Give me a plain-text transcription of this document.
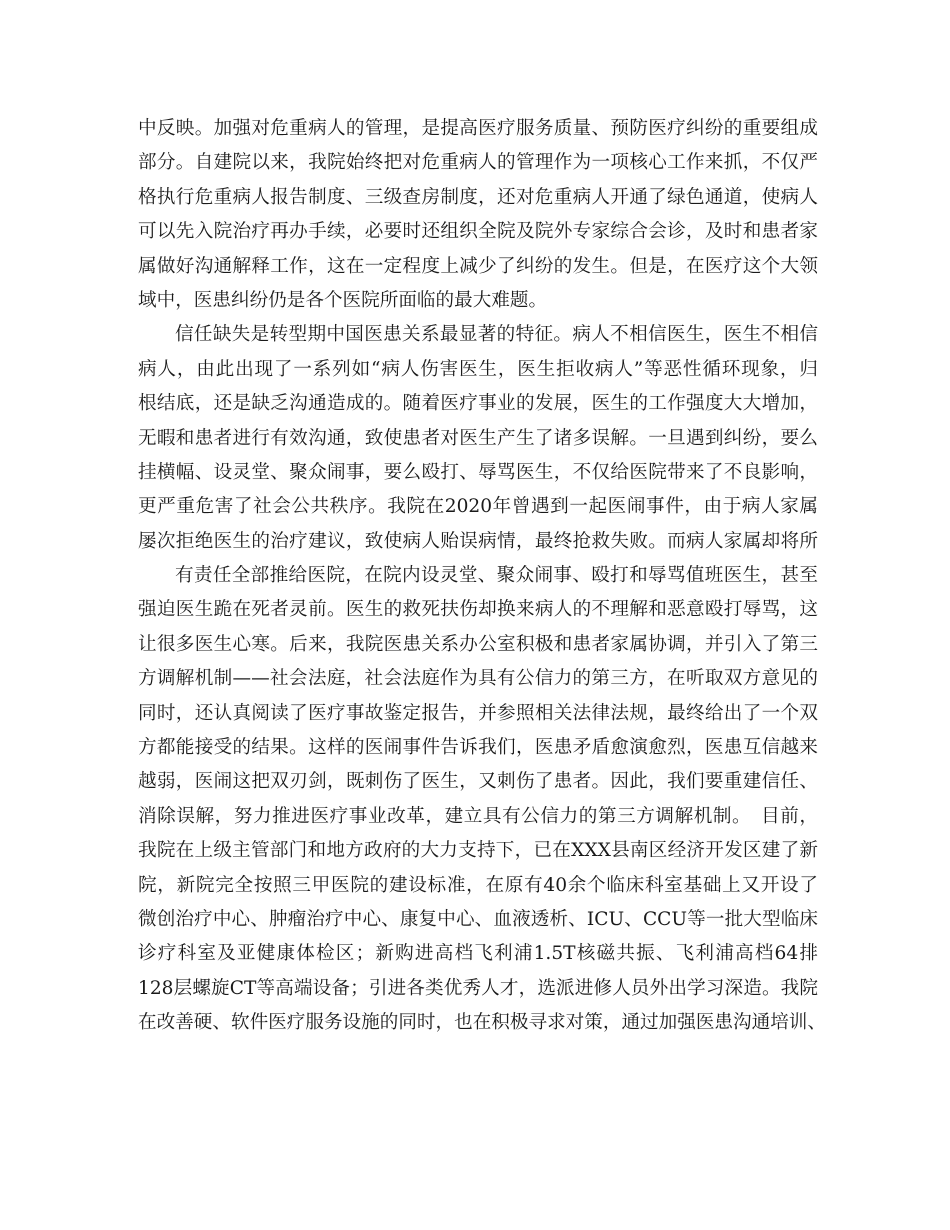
中反映。加强对危重病人的管理，是提高医疗服务质量、预防医疗纠纷的重要组成
部分。自建院以来，我院始终把对危重病人的管理作为一项核心工作来抓，不仅严
格执行危重病人报告制度、三级查房制度，还对危重病人开通了绿色通道，使病人
可以先入院治疗再办手续，必要时还组织全院及院外专家综合会诊，及时和患者家
属做好沟通解释工作，这在一定程度上减少了纠纷的发生。但是，在医疗这个大领
域中，医患纠纷仍是各个医院所面临的最大难题。
信任缺失是转型期中国医患关系最显著的特征。病人不相信医生，医生不相信
病人，由此出现了一系列如“病人伤害医生，医生拒收病人”等恶性循环现象，归
根结底，还是缺乏沟通造成的。随着医疗事业的发展，医生的工作强度大大增加，
无暇和患者进行有效沟通，致使患者对医生产生了诸多误解。一旦遇到纠纷，要么
挂横幅、设灵堂、聚众闹事，要么殴打、辱骂医生，不仅给医院带来了不良影响，
更严重危害了社会公共秩序。我院在2020年曾遇到一起医闹事件，由于病人家属
屡次拒绝医生的治疗建议，致使病人贻误病情，最终抢救失败。而病人家属却将所
有责任全部推给医院，在院内设灵堂、聚众闹事、殴打和辱骂值班医生，甚至
强迫医生跪在死者灵前。医生的救死扶伤却换来病人的不理解和恶意殴打辱骂，这
让很多医生心寒。后来，我院医患关系办公室积极和患者家属协调，并引入了第三
方调解机制——社会法庭，社会法庭作为具有公信力的第三方，在听取双方意见的
同时，还认真阅读了医疗事故鉴定报告，并参照相关法律法规，最终给出了一个双
方都能接受的结果。这样的医闹事件告诉我们，医患矛盾愈演愈烈，医患互信越来
越弱，医闹这把双刃剑，既刺伤了医生，又刺伤了患者。因此，我们要重建信任、
消除误解，努力推进医疗事业改革，建立具有公信力的第三方调解机制。　目前，
我院在上级主管部门和地方政府的大力支持下，已在XXX县南区经济开发区建了新
院，新院完全按照三甲医院的建设标准，在原有40余个临床科室基础上又开设了
微创治疗中心、肿瘤治疗中心、康复中心、血液透析、ICU、CCU等一批大型临床
诊疗科室及亚健康体检区；新购进高档飞利浦1.5T核磁共振、飞利浦高档64排
128层螺旋CT等高端设备；引进各类优秀人才，选派进修人员外出学习深造。我院
在改善硬、软件医疗服务设施的同时，也在积极寻求对策，通过加强医患沟通培训、
